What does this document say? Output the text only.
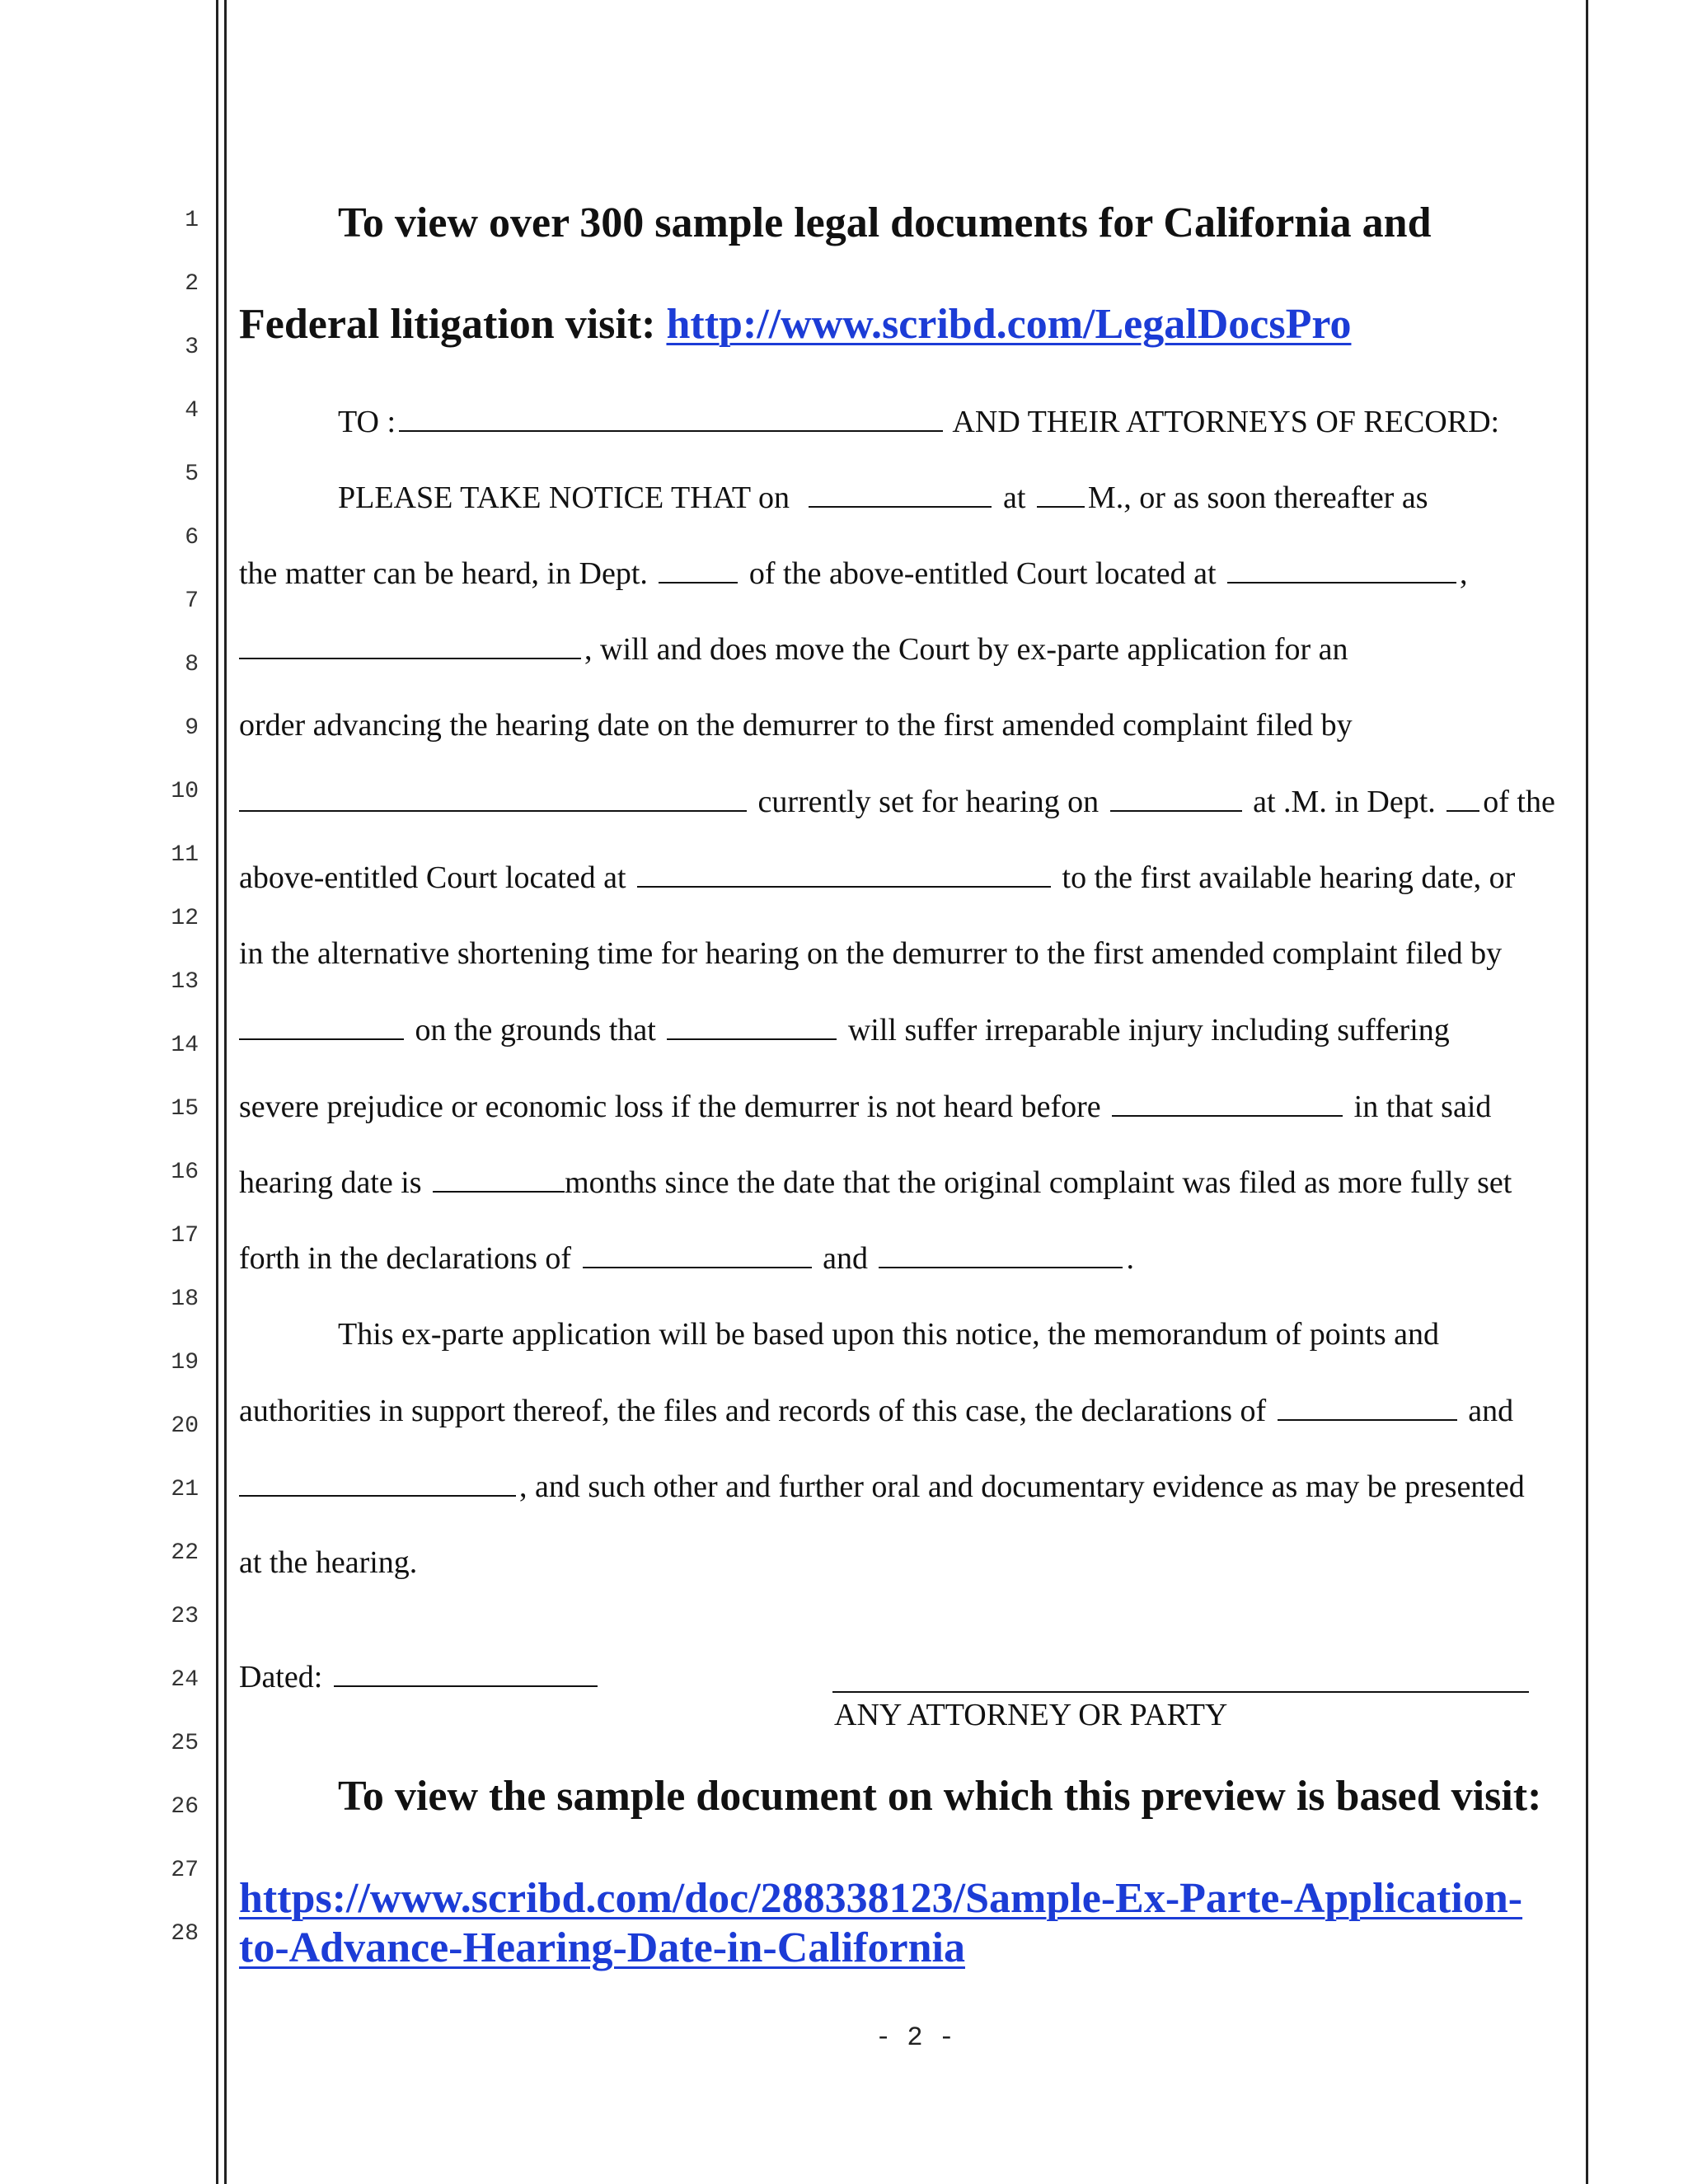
1
2
3
4
5
6
7
8
9
10
11
12
13
14
15
16
17
18
19
20
21
22
23
24
25
26
27
28
To view over 300 sample legal documents for California and
Federal litigation visit: http://www.scribd.com/LegalDocsPro
TO :	AND THEIR ATTORNEYS OF RECORD:
PLEASE TAKE NOTICE THAT on	at M., or as soon thereafter as
the matter can be heard, in Dept.	of the above-entitled Court located at	,
, will and does move the Court by ex-parte application for an
order advancing the hearing date on the demurrer to the first amended complaint filed by
currently set for hearing on	at .M. in Dept. of the
above-entitled Court located at	to the first available hearing date, or
in the alternative shortening time for hearing on the demurrer to the first amended complaint filed by
on the grounds that	will suffer irreparable injury including suffering
severe prejudice or economic loss if the demurrer is not heard before	in that said
hearing date is	months since the date that the original complaint was filed as more fully set
forth in the declarations of	and	.
This ex-parte application will be based upon this notice, the memorandum of points and
authorities in support thereof, the files and records of this case, the declarations of	and
, and such other and further oral and documentary evidence as may be presented
at the hearing.
Dated:
ANY ATTORNEY OR PARTY
To view the sample document on which this preview is based visit:
https://www.scribd.com/doc/288338123/Sample-Ex-Parte-Application-
to-Advance-Hearing-Date-in-California
- 2 -
